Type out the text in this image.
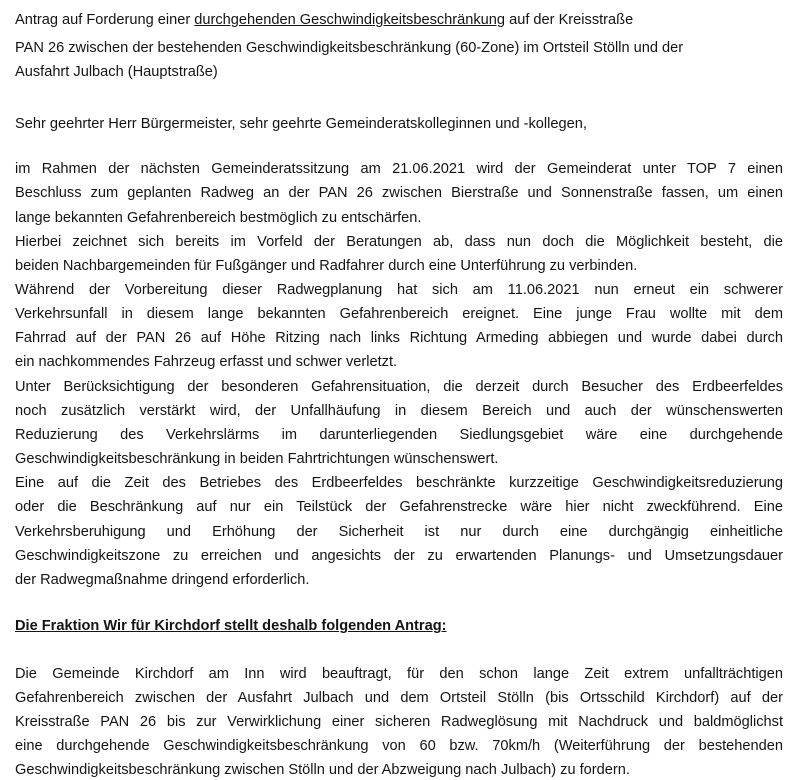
Antrag auf Forderung einer durchgehenden Geschwindigkeitsbeschränkung auf der Kreisstraße
PAN 26 zwischen der bestehenden Geschwindigkeitsbeschränkung (60-Zone) im Ortsteil Stölln und der
Ausfahrt Julbach (Hauptstraße)
Sehr geehrter Herr Bürgermeister, sehr geehrte Gemeinderatskolleginnen und -kollegen,
im Rahmen der nächsten Gemeinderatssitzung am 21.06.2021 wird der Gemeinderat unter TOP 7 einen
Beschluss zum geplanten Radweg an der PAN 26 zwischen Bierstraße und Sonnenstraße fassen, um einen
lange bekannten Gefahrenbereich bestmöglich zu entschärfen.
Hierbei zeichnet sich bereits im Vorfeld der Beratungen ab, dass nun doch die Möglichkeit besteht, die
beiden Nachbargemeinden für Fußgänger und Radfahrer durch eine Unterführung zu verbinden.
Während der Vorbereitung dieser Radwegplanung hat sich am 11.06.2021 nun erneut ein schwerer
Verkehrsunfall in diesem lange bekannten Gefahrenbereich ereignet. Eine junge Frau wollte mit dem
Fahrrad auf der PAN 26 auf Höhe Ritzing nach links Richtung Armeding abbiegen und wurde dabei durch
ein nachkommendes Fahrzeug erfasst und schwer verletzt.
Unter Berücksichtigung der besonderen Gefahrensituation, die derzeit durch Besucher des Erdbeerfeldes
noch zusätzlich verstärkt wird, der Unfallhäufung in diesem Bereich und auch der wünschenswerten
Reduzierung des Verkehrslärms im darunterliegenden Siedlungsgebiet wäre eine durchgehende
Geschwindigkeitsbeschränkung in beiden Fahrtrichtungen wünschenswert.
Eine auf die Zeit des Betriebes des Erdbeerfeldes beschränkte kurzzeitige Geschwindigkeitsreduzierung
oder die Beschränkung auf nur ein Teilstück der Gefahrenstrecke wäre hier nicht zweckführend. Eine
Verkehrsberuhigung und Erhöhung der Sicherheit ist nur durch eine durchgängig einheitliche
Geschwindigkeitszone zu erreichen und angesichts der zu erwartenden Planungs- und Umsetzungsdauer
der Radwegmaßnahme dringend erforderlich.
Die Fraktion Wir für Kirchdorf stellt deshalb folgenden Antrag:
Die Gemeinde Kirchdorf am Inn wird beauftragt, für den schon lange Zeit extrem unfallträchtigen
Gefahrenbereich zwischen der Ausfahrt Julbach und dem Ortsteil Stölln (bis Ortsschild Kirchdorf) auf der
Kreisstraße PAN 26 bis zur Verwirklichung einer sicheren Radweglösung mit Nachdruck und baldmöglichst
eine durchgehende Geschwindigkeitsbeschränkung von 60 bzw. 70km/h (Weiterführung der bestehenden
Geschwindigkeitsbeschränkung zwischen Stölln und der Abzweigung nach Julbach) zu fordern.
